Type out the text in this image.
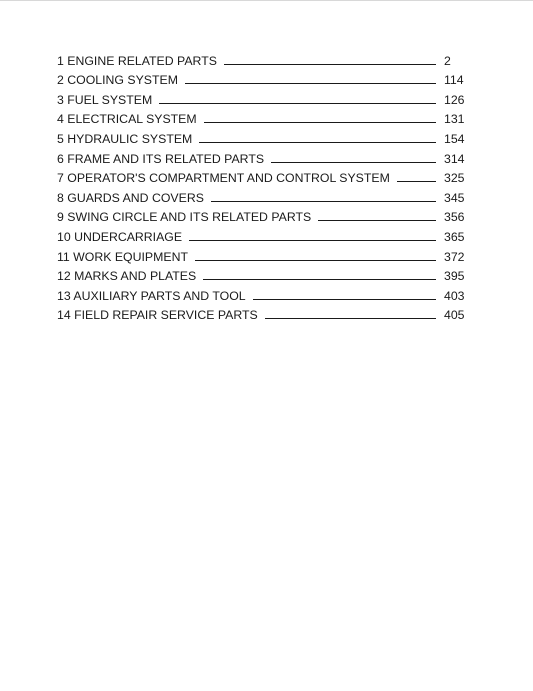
1 ENGINE RELATED PARTS	2
2 COOLING SYSTEM	114
3 FUEL SYSTEM	126
4 ELECTRICAL SYSTEM	131
5 HYDRAULIC SYSTEM	154
6 FRAME AND ITS RELATED PARTS	314
7 OPERATOR'S COMPARTMENT AND CONTROL SYSTEM	325
8 GUARDS AND COVERS	345
9 SWING CIRCLE AND ITS RELATED PARTS	356
10 UNDERCARRIAGE	365
11 WORK EQUIPMENT	372
12 MARKS AND PLATES	395
13 AUXILIARY PARTS AND TOOL	403
14 FIELD REPAIR SERVICE PARTS	405
